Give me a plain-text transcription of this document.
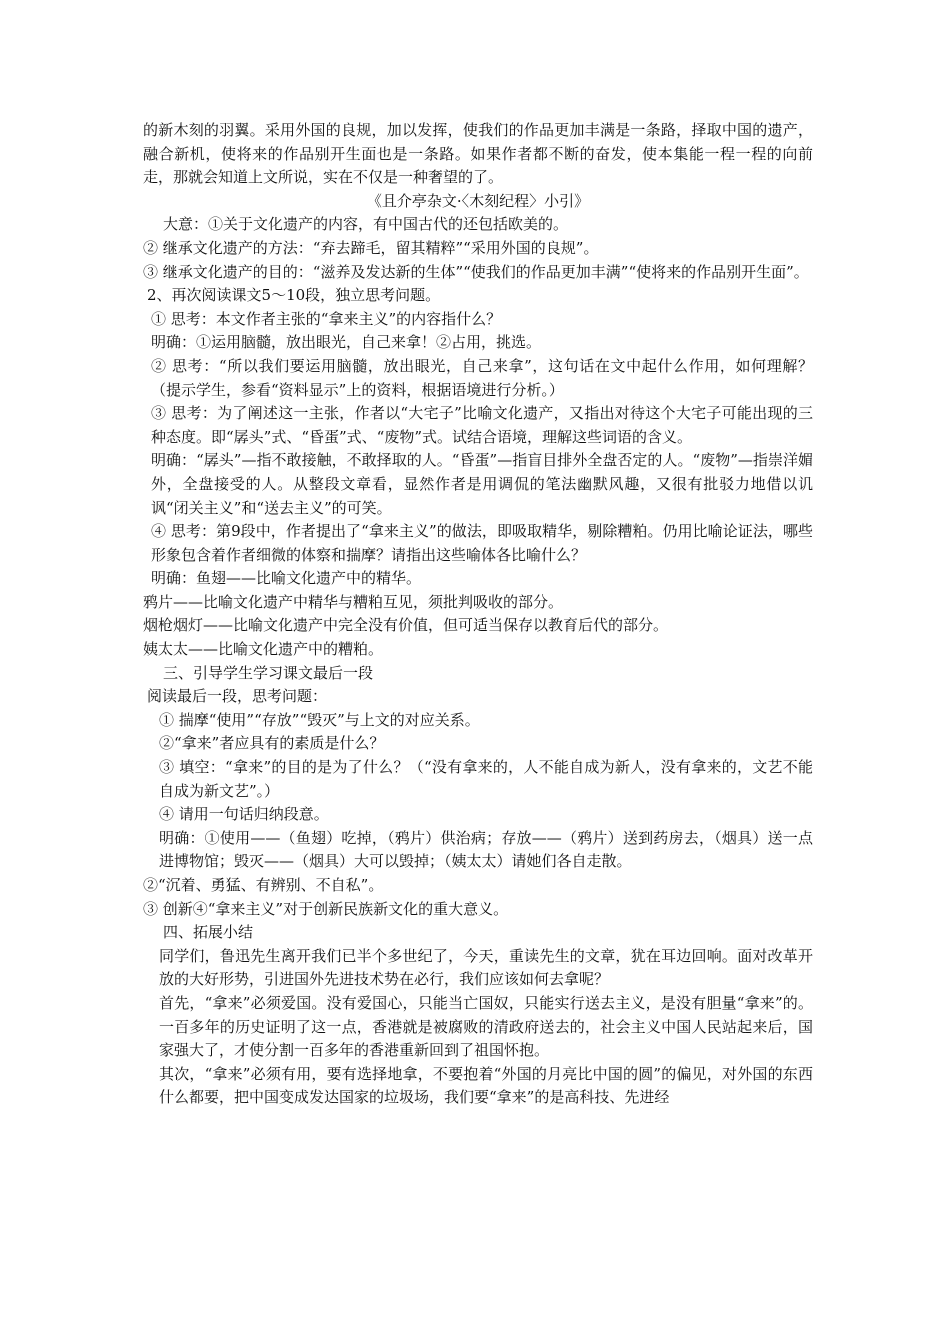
的新木刻的羽翼。采用外国的良规，加以发挥，使我们的作品更加丰满是一条路，择取中国的遗产，融合新机，使将来的作品别开生面也是一条路。如果作者都不断的奋发，使本集能一程一程的向前走，那就会知道上文所说，实在不仅是一种奢望的了。

《且介亭杂文·〈木刻纪程〉小引》

大意：①关于文化遗产的内容，有中国古代的还包括欧美的。

② 继承文化遗产的方法：“弃去蹄毛，留其精粹”“采用外国的良规”。

③ 继承文化遗产的目的：“滋养及发达新的生体”“使我们的作品更加丰满”“使将来的作品别开生面”。

2、再次阅读课文5～10段，独立思考问题。

① 思考：本文作者主张的“拿来主义”的内容指什么？

明确：①运用脑髓，放出眼光，自己来拿！②占用，挑选。

② 思考：“所以我们要运用脑髓，放出眼光，自己来拿”，这句话在文中起什么作用，如何理解？（提示学生，参看“资料显示”上的资料，根据语境进行分析。）

③ 思考：为了阐述这一主张，作者以“大宅子”比喻文化遗产，又指出对待这个大宅子可能出现的三种态度。即“孱头”式、“昏蛋”式、“废物”式。试结合语境，理解这些词语的含义。

明确：“孱头”—指不敢接触，不敢择取的人。“昏蛋”—指盲目排外全盘否定的人。“废物”—指崇洋媚外，全盘接受的人。从整段文章看，显然作者是用调侃的笔法幽默风趣，又很有批驳力地借以讥讽“闭关主义”和“送去主义”的可笑。

④ 思考：第9段中，作者提出了“拿来主义”的做法，即吸取精华，剔除糟粕。仍用比喻论证法，哪些形象包含着作者细微的体察和揣摩？请指出这些喻体各比喻什么？

明确：鱼翅——比喻文化遗产中的精华。

鸦片——比喻文化遗产中精华与糟粕互见，须批判吸收的部分。

烟枪烟灯——比喻文化遗产中完全没有价值，但可适当保存以教育后代的部分。

姨太太——比喻文化遗产中的糟粕。

三、引导学生学习课文最后一段

阅读最后一段，思考问题：

① 揣摩“使用”“存放”“毁灭”与上文的对应关系。

②“拿来”者应具有的素质是什么？

③ 填空：“拿来”的目的是为了什么？（“没有拿来的，人不能自成为新人，没有拿来的，文艺不能自成为新文艺”。）

④ 请用一句话归纳段意。

明确：①使用——（鱼翅）吃掉，（鸦片）供治病；存放——（鸦片）送到药房去，（烟具）送一点进博物馆；毁灭——（烟具）大可以毁掉；（姨太太）请她们各自走散。

②“沉着、勇猛、有辨别、不自私”。

③ 创新④“拿来主义”对于创新民族新文化的重大意义。

四、拓展小结

同学们，鲁迅先生离开我们已半个多世纪了，今天，重读先生的文章，犹在耳边回响。面对改革开放的大好形势，引进国外先进技术势在必行，我们应该如何去拿呢？

首先，“拿来”必须爱国。没有爱国心，只能当亡国奴，只能实行送去主义，是没有胆量“拿来”的。一百多年的历史证明了这一点，香港就是被腐败的清政府送去的，社会主义中国人民站起来后，国家强大了，才使分割一百多年的香港重新回到了祖国怀抱。

其次，“拿来”必须有用，要有选择地拿，不要抱着“外国的月亮比中国的圆”的偏见，对外国的东西什么都要，把中国变成发达国家的垃圾场，我们要“拿来”的是高科技、先进经
